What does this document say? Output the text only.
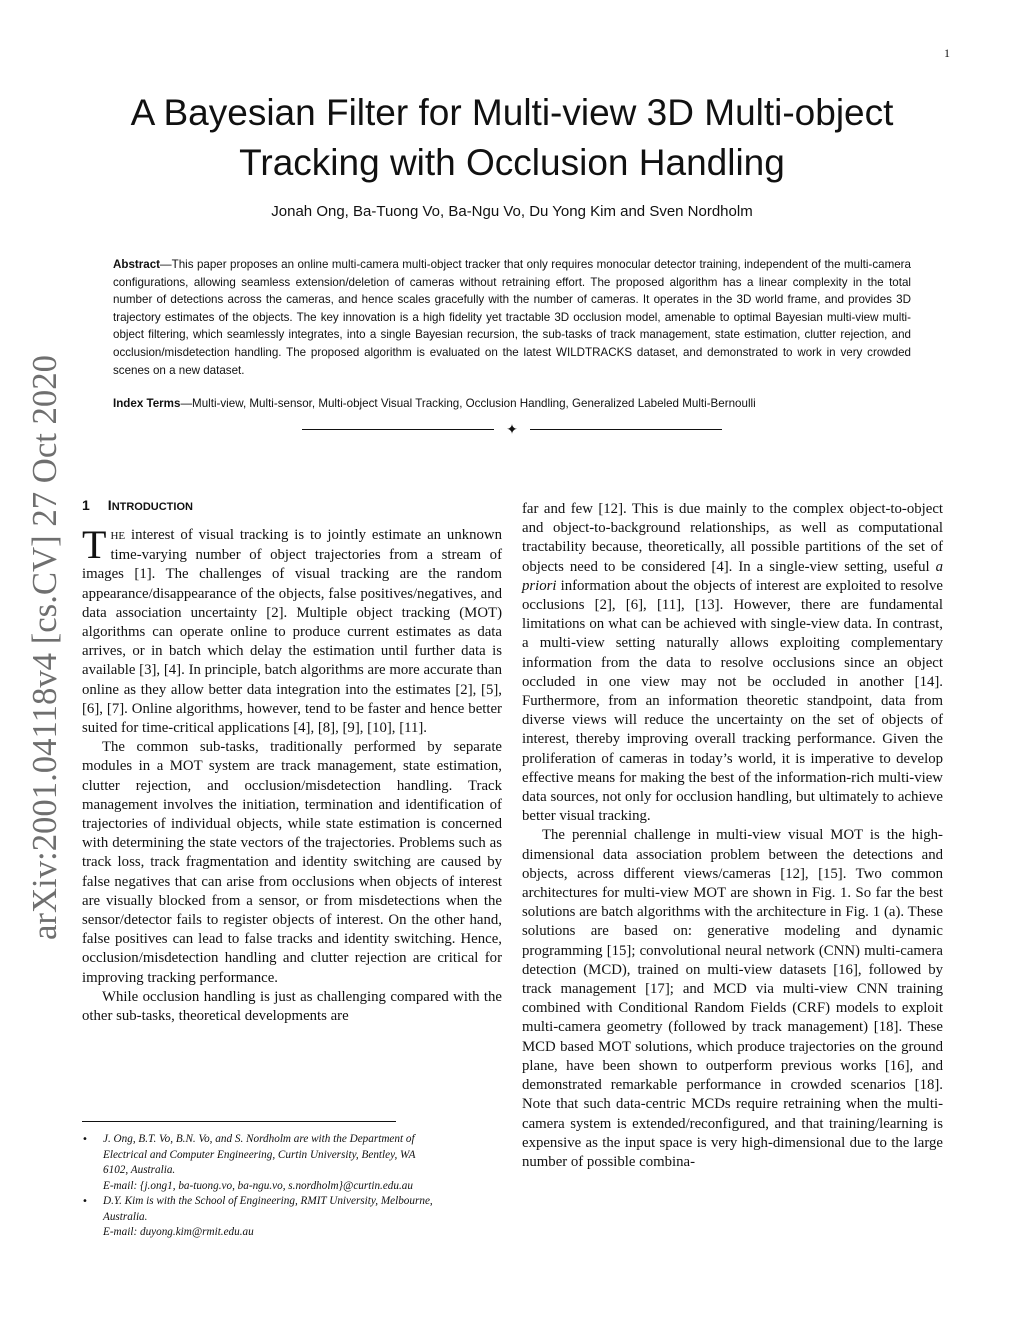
1
arXiv:2001.04118v4 [cs.CV] 27 Oct 2020
A Bayesian Filter for Multi-view 3D Multi-object
Tracking with Occlusion Handling
Jonah Ong, Ba-Tuong Vo, Ba-Ngu Vo, Du Yong Kim and Sven Nordholm
Abstract—This paper proposes an online multi-camera multi-object tracker that only requires monocular detector training, independent of the multi-camera configurations, allowing seamless extension/deletion of cameras without retraining effort. The proposed algorithm has a linear complexity in the total number of detections across the cameras, and hence scales gracefully with the number of cameras. It operates in the 3D world frame, and provides 3D trajectory estimates of the objects. The key innovation is a high fidelity yet tractable 3D occlusion model, amenable to optimal Bayesian multi-view multi-object filtering, which seamlessly integrates, into a single Bayesian recursion, the sub-tasks of track management, state estimation, clutter rejection, and occlusion/misdetection handling. The proposed algorithm is evaluated on the latest WILDTRACKS dataset, and demonstrated to work in very crowded scenes on a new dataset.
Index Terms—Multi-view, Multi-sensor, Multi-object Visual Tracking, Occlusion Handling, Generalized Labeled Multi-Bernoulli
✦
1 INTRODUCTION

THE interest of visual tracking is to jointly estimate an unknown time-varying number of object trajectories from a stream of images [1]. The challenges of visual tracking are the random appearance/disappearance of the objects, false positives/negatives, and data association uncertainty [2]. Multiple object tracking (MOT) algorithms can operate online to produce current estimates as data arrives, or in batch which delay the estimation until further data is available [3], [4]. In principle, batch algorithms are more accurate than online as they allow better data integration into the estimates [2], [5], [6], [7]. Online algorithms, however, tend to be faster and hence better suited for time-critical applications [4], [8], [9], [10], [11].

The common sub-tasks, traditionally performed by separate modules in a MOT system are track management, state estimation, clutter rejection, and occlusion/misdetection handling. Track management involves the initiation, termination and identification of trajectories of individual objects, while state estimation is concerned with determining the state vectors of the trajectories. Problems such as track loss, track fragmentation and identity switching are caused by false negatives that can arise from occlusions when objects of interest are visually blocked from a sensor, or from misdetections when the sensor/detector fails to register objects of interest. On the other hand, false positives can lead to false tracks and identity switching. Hence, occlusion/misdetection handling and clutter rejection are critical for improving tracking performance.

While occlusion handling is just as challenging compared with the other sub-tasks, theoretical developments are

far and few [12]. This is due mainly to the complex object-to-object and object-to-background relationships, as well as computational tractability because, theoretically, all possible partitions of the set of objects need to be considered [4]. In a single-view setting, useful a priori information about the objects of interest are exploited to resolve occlusions [2], [6], [11], [13]. However, there are fundamental limitations on what can be achieved with single-view data. In contrast, a multi-view setting naturally allows exploiting complementary information from the data to resolve occlusions since an object occluded in one view may not be occluded in another [14]. Furthermore, from an information theoretic standpoint, data from diverse views will reduce the uncertainty on the set of objects of interest, thereby improving overall tracking performance. Given the proliferation of cameras in today’s world, it is imperative to develop effective means for making the best of the information-rich multi-view data sources, not only for occlusion handling, but ultimately to achieve better visual tracking.

The perennial challenge in multi-view visual MOT is the high-dimensional data association problem between the detections and objects, across different views/cameras [12], [15]. Two common architectures for multi-view MOT are shown in Fig. 1. So far the best solutions are batch algorithms with the architecture in Fig. 1 (a). These solutions are based on: generative modeling and dynamic programming [15]; convolutional neural network (CNN) multi-camera detection (MCD), trained on multi-view datasets [16], followed by track management [17]; and MCD via multi-view CNN training combined with Conditional Random Fields (CRF) models to exploit multi-camera geometry (followed by track management) [18]. These MCD based MOT solutions, which produce trajectories on the ground plane, have been shown to outperform previous works [16], and demonstrated remarkable performance in crowded scenarios [18]. Note that such data-centric MCDs require retraining when the multi-camera system is extended/reconfigured, and that training/learning is expensive as the input space is very high-dimensional due to the large number of possible combina-

• J. Ong, B.T. Vo, B.N. Vo, and S. Nordholm are with the Department of
Electrical and Computer Engineering, Curtin University, Bentley, WA
6102, Australia.
E-mail: {j.ong1, ba-tuong.vo, ba-ngu.vo, s.nordholm}@curtin.edu.au
• D.Y. Kim is with the School of Engineering, RMIT University, Melbourne,
Australia.
E-mail: duyong.kim@rmit.edu.au
